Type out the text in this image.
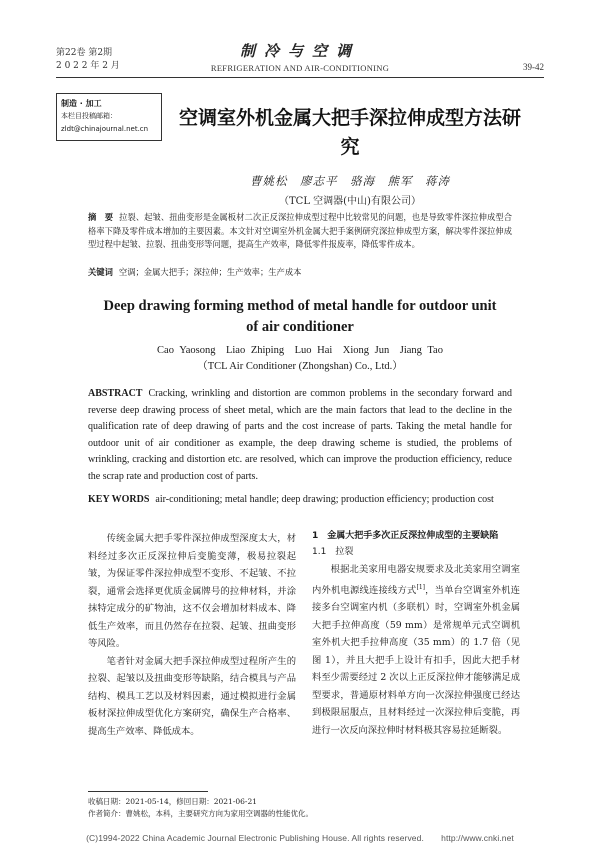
第22卷 第2期
2 0 2 2 年 2 月
制冷与空调
REFRIGERATION AND AIR-CONDITIONING	39-42
制造 · 加工
本栏目投稿邮箱：
zldt@chinajournal.net.cn	空调室外机金属大把手深拉伸成型方法研究
曹姚松　廖志平　骆海　熊军　蒋涛
（TCL 空调器(中山)有限公司）
摘　要 拉裂、起皱、扭曲变形是金属板材二次正反深拉伸成型过程中比较常见的问题，也是导致零件深拉伸成型合格率下降及零件成本增加的主要因素。本文针对空调室外机金属大把手案例研究深拉伸成型方案，解决零件深拉伸成型过程中起皱、拉裂、扭曲变形等问题，提高生产效率，降低零件报废率，降低零件成本。
关键词 空调；金属大把手；深拉伸；生产效率；生产成本
Deep drawing forming method of metal handle for outdoor unit of air conditioner
Cao Yaosong　Liao Zhiping　Luo Hai　Xiong Jun　Jiang Tao
（TCL Air Conditioner (Zhongshan) Co., Ltd.）
ABSTRACT Cracking, wrinkling and distortion are common problems in the secondary forward and reverse deep drawing process of sheet metal, which are the main factors that lead to the decline in the qualification rate of deep drawing of parts and the cost increase of parts. Taking the metal handle for outdoor unit of air conditioner as example, the deep drawing scheme is studied, the problems of wrinkling, cracking and distortion etc. are resolved, which can improve the production efficiency, reduce the scrap rate and production cost of parts.
KEY WORDS air-conditioning; metal handle; deep drawing; production efficiency; production cost

传统金属大把手零件深拉伸成型深度太大，材料经过多次正反深拉伸后变脆变薄，极易拉裂起皱，为保证零件深拉伸成型不变形、不起皱、不拉裂，通常会选择更优质金属牌号的拉伸材料，并涂抹特定成分的矿物油，这不仅会增加材料成本、降低生产效率，而且仍然存在拉裂、起皱、扭曲变形等风险。

笔者针对金属大把手深拉伸成型过程所产生的拉裂、起皱以及扭曲变形等缺陷，结合模具与产品结构、模具工艺以及材料因素，通过模拟进行金属板材深拉伸成型优化方案研究，确保生产合格率、提高生产效率、降低成本。

1　金属大把手多次正反深拉伸成型的主要缺陷

1.1　拉裂

根据北美家用电器安规要求及北美家用空调室内外机电源线连接线方式[1]，当单台空调室外机连接多台空调室内机（多联机）时，空调室外机金属大把手拉伸高度（59 mm）是常规单元式空调机室外机大把手拉伸高度（35 mm）的 1.7 倍（见图 1），并且大把手上设计有扣手，因此大把手材料至少需要经过 2 次以上正反深拉伸才能够满足成型要求，普通原材料单方向一次深拉伸强度已经达到极限屈服点，且材料经过一次深拉伸后变脆，再进行一次反向深拉伸时材料极其容易拉延断裂。

收稿日期：2021-05-14，修回日期：2021-06-21
作者简介：曹姚松，本科，主要研究方向为家用空调器的性能优化。
(C)1994-2022 China Academic Journal Electronic Publishing House. All rights reserved.　　http://www.cnki.net
